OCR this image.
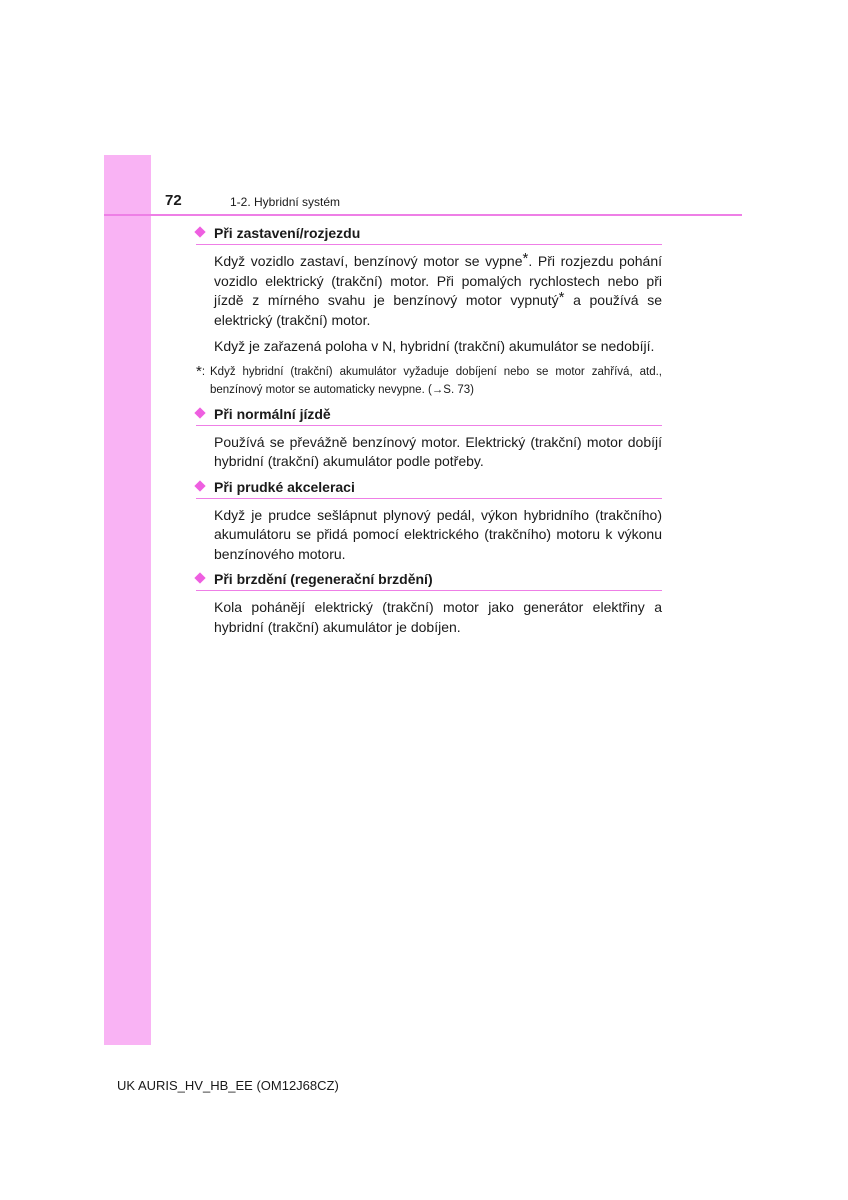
72	1-2. Hybridní systém
Při zastavení/rozjezdu

Když vozidlo zastaví, benzínový motor se vypne*. Při rozjezdu pohání vozidlo elektrický (trakční) motor. Při pomalých rychlostech nebo při jízdě z mírného svahu je benzínový motor vypnutý* a používá se elektrický (trakční) motor.

Když je zařazená poloha v N, hybridní (trakční) akumulátor se nedobíjí.

*: Když hybridní (trakční) akumulátor vyžaduje dobíjení nebo se motor zahřívá, atd., benzínový motor se automaticky nevypne. (→S. 73)
Při normální jízdě

Používá se převážně benzínový motor. Elektrický (trakční) motor dobíjí hybridní (trakční) akumulátor podle potřeby.

Při prudké akceleraci

Když je prudce sešlápnut plynový pedál, výkon hybridního (trakčního) akumulátoru se přidá pomocí elektrického (trakčního) motoru k výkonu benzínového motoru.

Při brzdění (regenerační brzdění)

Kola pohánějí elektrický (trakční) motor jako generátor elektřiny a hybridní (trakční) akumulátor je dobíjen.

UK AURIS_HV_HB_EE (OM12J68CZ)
